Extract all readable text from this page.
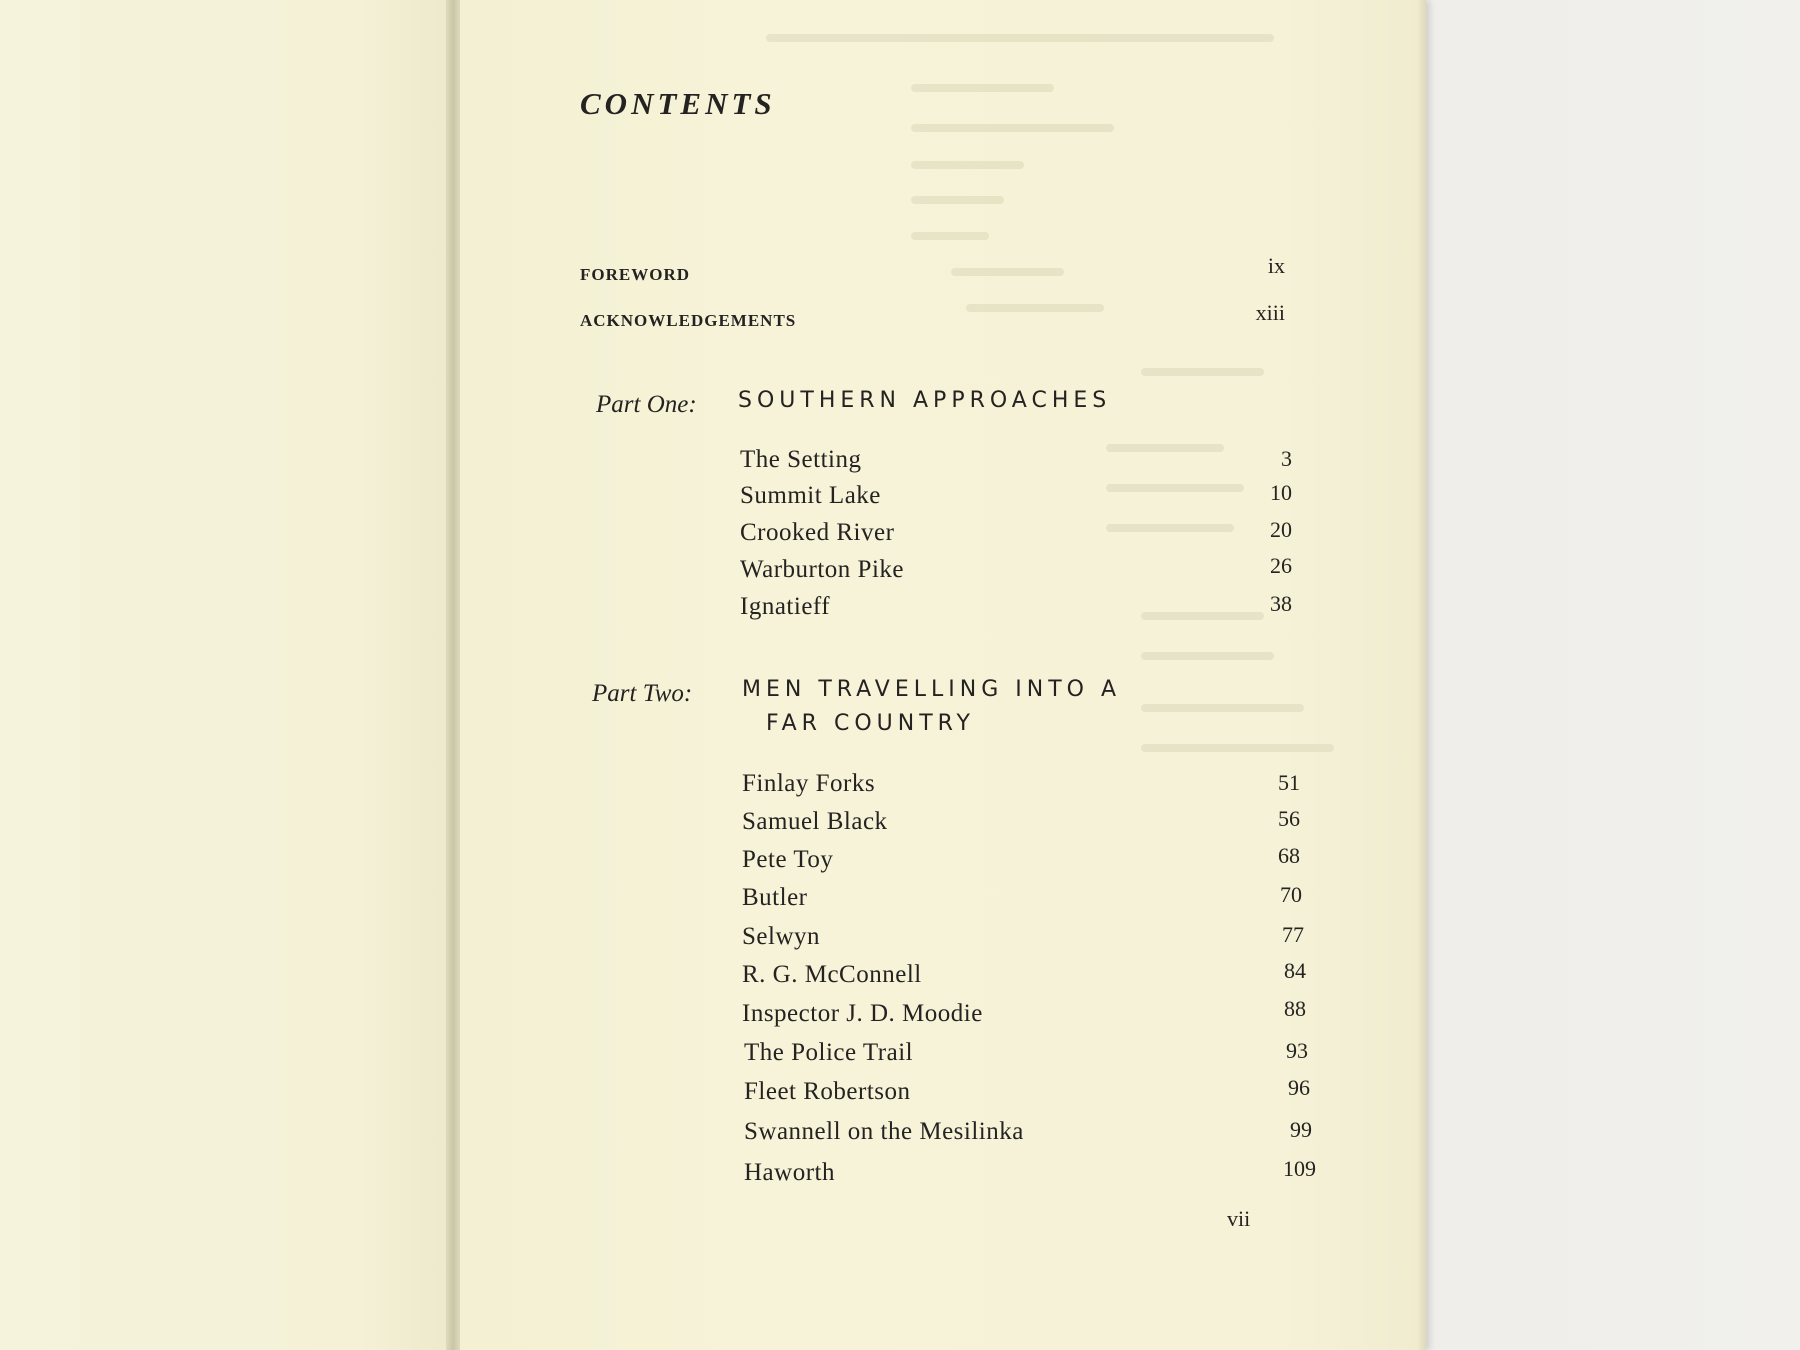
CONTENTS
FOREWORD	ix
ACKNOWLEDGEMENTS	xiii
Part One: SOUTHERN APPROACHES
The Setting	3
Summit Lake	10
Crooked River	20
Warburton Pike	26
Ignatieff	38
Part Two: MEN TRAVELLING INTO A
FAR COUNTRY
Finlay Forks	51
Samuel Black	56
Pete Toy	68
Butler	70
Selwyn	77
R. G. McConnell	84
Inspector J. D. Moodie	88
The Police Trail	93
Fleet Robertson	96
Swannell on the Mesilinka	99
Haworth	109
vii
